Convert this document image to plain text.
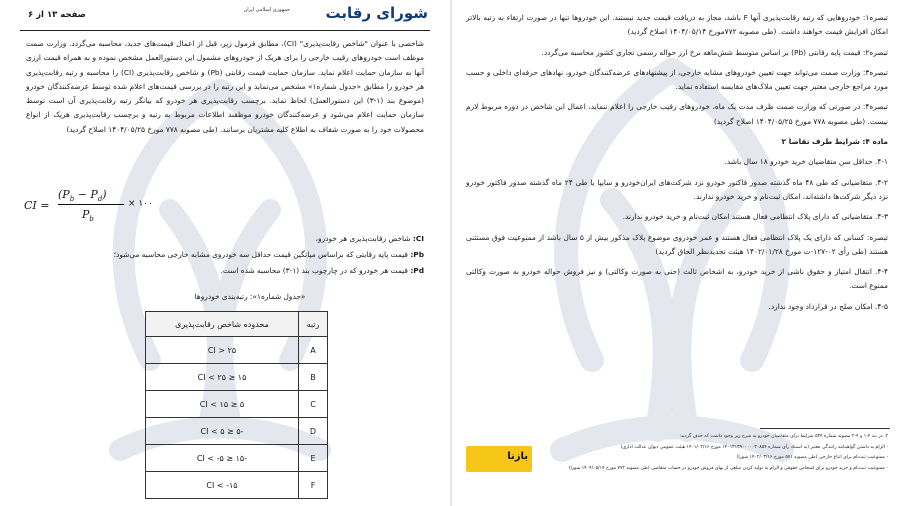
شورای رقابت
جمهوری اسلامی ایران
صفحه ۱۳ از ۶
شاخصی با عنوان "شاخص رقابت‌پذیری" (CI)، مطابق فرمول زیر، قبل از اعمال قیمت‌های جدید، محاسبه می‌گردد. وزارت صمت موظف است خودروهای رقیب خارجی را برای هریک از خودروهای مشمول این دستورالعمل مشخص نموده و به همراه قیمت ارزی آنها به سازمان حمایت اعلام نماید. سازمان حمایت قیمت رقابتی (Pb) و شاخص رقابت‌پذیری (CI) را محاسبه و رتبه رقابت‌پذیری هر خودرو را مطابق «جدول شماره۱» مشخص می‌نماید و این رتبه را در بررسی قیمت‌های اعلام شده توسط عرضه‌کنندگان خودرو (موضوع بند (۱-۳) این دستورالعمل) لحاظ نماید. برچسب رقابت‌پذیری هر خودرو که بیانگر رتبه رقابت‌پذیری آن است توسط سازمان حمایت اعلام می‌شود و عرضه‌کنندگان خودرو موظفند اطلاعات مربوط به رتبه و برچسب رقابت‌پذیری هریک از انواع محصولات خود را به صورت شفاف به اطلاع کلیه مشتریان برسانند. (طی مصوبه ۷۷۸ مورخ ۱۴۰۴/۰۵/۲۵ اصلاح گردید)
CI =
$(P_b - P_d)$
$P_b$
× ۱۰۰
CI: شاخص رقابت‌پذیری هر خودرو،
Pb: قیمت پایه رقابتی که براساس میانگین قیمت حداقل سه خودروی مشابه خارجی محاسبه می‌شود؛
Pd: قیمت هر خودرو که در چارچوب بند (۱-۳) محاسبه شده است.
«جدول شماره۱»: رتبه‌بندی خودروها
رتبه	محدوده شاخص رقابت‌پذیری
A	۲۵ < CI
B	۱۵ ≤ CI < ۲۵
C	۵ ≤ CI < ۱۵
D	-۵ ≤ CI < ۵
E	-۱۵ ≤ CI < -۵
F	CI < -۱۵

تبصره۱: خودروهایی که رتبه رقابت‌پذیری آنها F باشد، مجاز به دریافت قیمت جدید نیستند. این خودروها تنها در صورت ارتقاء به رتبه بالاتر امکان افزایش قیمت خواهند داشت. (طی مصوبه ۷۷۲مورخ ۱۴۰۴/۰۵/۱۴ اصلاح گردید)

تبصره۲: قیمت پایه رقابتی (Pb) بر اساس متوسط شش‌ماهه نرخ ارز حواله رسمی تجاری کشور محاسبه می‌گردد.

تبصره۳: وزارت صمت می‌تواند جهت تعیین خودروهای مشابه خارجی، از پیشنهادهای عرضه‌کنندگان خودرو، نهادهای حرفه‌ای داخلی و حسب مورد مراجع خارجی معتبر جهت تعیین ملاک‌های مقایسه استفاده نماید.

تبصره۴: در صورتی که وزارت صمت ظرف مدت یک ماه، خودروهای رقیب خارجی را اعلام ننماید، اعمال این شاخص در دوره مربوط لازم نیست. (طی مصوبه ۷۷۸ مورخ ۱۴۰۴/۰۵/۲۵ اصلاح گردید)

ماده ۴: شرایط طرف تقاضا ۲

۴-۱. حداقل سن متقاضیان خرید خودرو ۱۸ سال باشد.

۴-۲. متقاضیانی که طی ۴۸ ماه گذشته صدور فاکتور خودرو نزد شرکت‌های ایران‌خودرو و سایپا یا طی ۲۴ ماه گذشته صدور فاکتور خودرو نزد دیگر شرکت‌ها داشته‌اند، امکان ثبت‌نام و خرید خودرو ندارند.

۴-۳. متقاضیانی که دارای پلاک انتظامی فعال هستند امکان ثبت‌نام و خرید خودرو ندارند.

تبصره: کسانی که دارای یک پلاک انتظامی فعال هستند و عمر خودروی موضوع پلاک مذکور بیش از ۵ سال باشد از ممنوعیت فوق مستثنی هستند (طی رأی ۰۲-۱۲۷-ت مورخ ۱۴۰۲/۰۱/۲۸ هیئت تجدیدنظر الحاق گردید)

۴-۴. انتقال امتیاز و حقوق ناشی از خرید خودرو، به اشخاص ثالث (حتی به صورت وکالتی) و نیز فروش حواله خودرو به صورت وکالتی ممنوع است.

۴-۵. امکان صلح در قرارداد وجود ندارد.

۲. در بند ۴-۱ و ۴-۲ مصوبه شماره ۵۳۴ شرایط برای متقاضیان خودرو به شرح زیر وجود داشت که حذف گردید:
- الزام به داشتن گواهینامه رانندگی معتبر (به استناد رأی شماره ۱۴۰۱۳۱۳۹۰۰۰۰۰۳۰۸۵۴ مورخ ۱۴۰۱/۰۲/۱۶ هیئت عمومی دیوان عدالت اداری)
- ممنوعیت ثبت‌نام برای اتباع خارجی (طی مصوبه ۵۷۱ مورخ ۱۴۰۲/۰۳/۱۶ شورا)
- ممنوعیت ثبت‌نام و خرید خودرو برای اشخاص حقوقی و الزام به تولید کردن مبلغی از بهای فروش خودرو در حساب متقاضی (طی مصوبه ۷۷۲ مورخ ۱۴۰۴/۰۵/۱۴ شورا)
بازنا
